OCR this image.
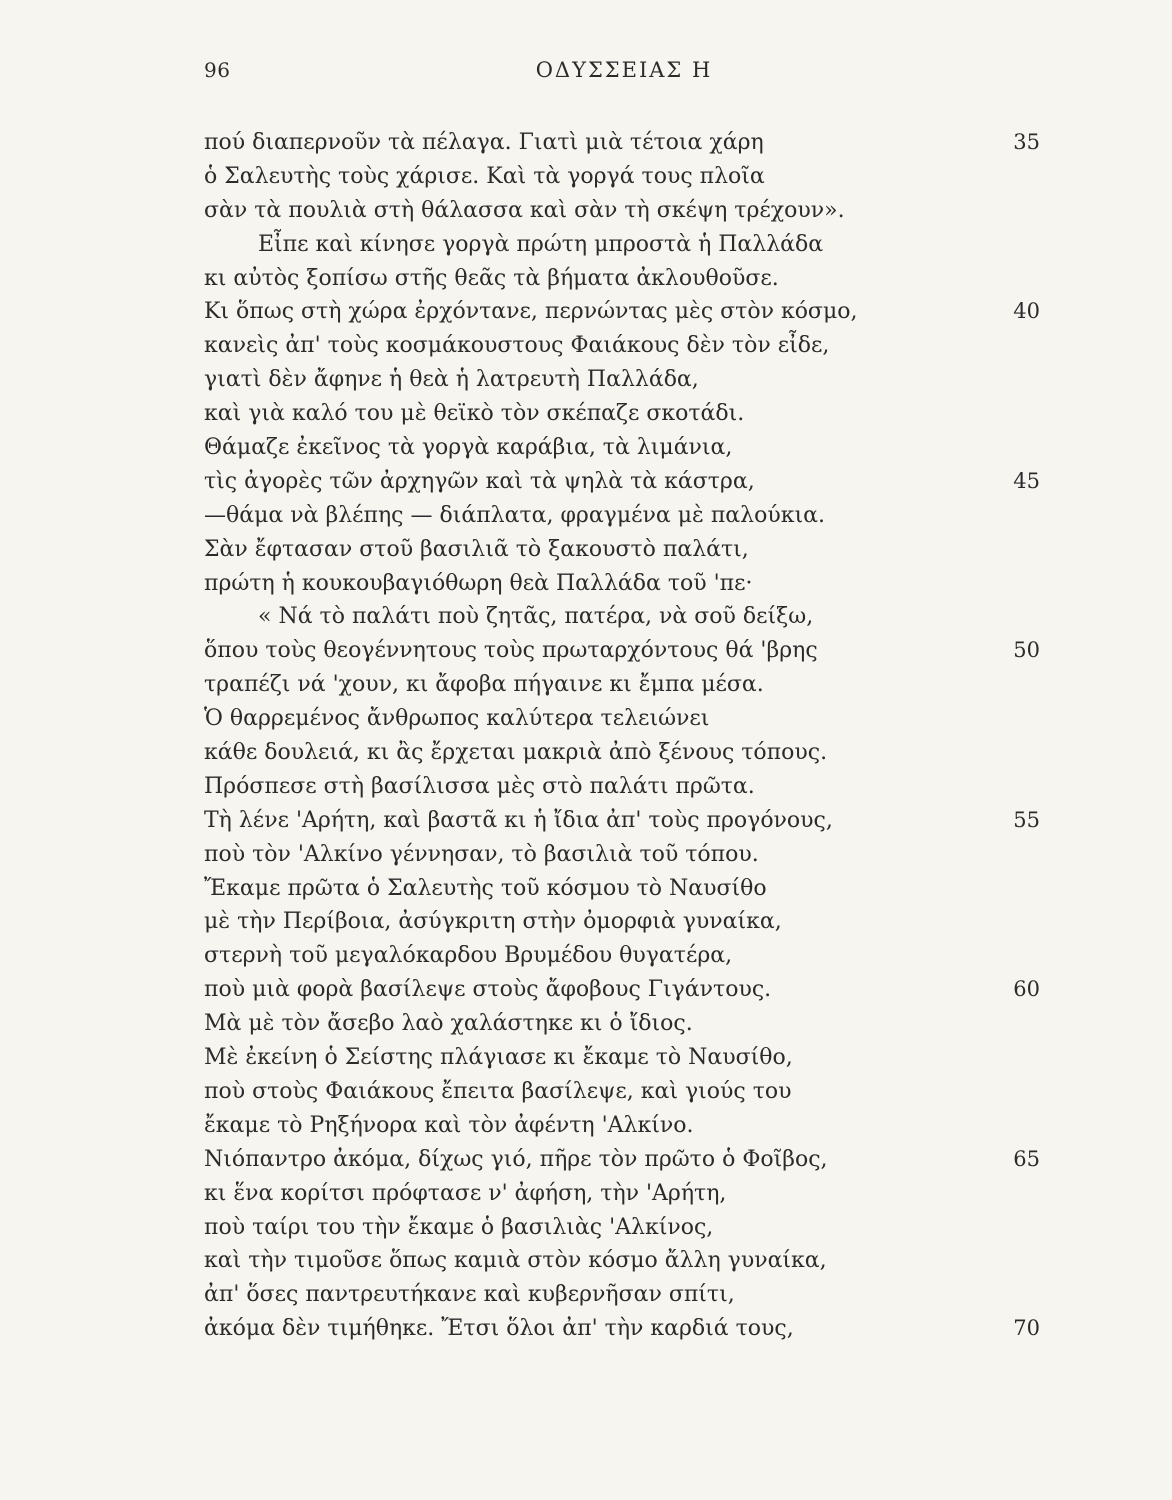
96	ΟΔΥΣΣΕΙΑΣ Η
πού διαπερνοῦν τὰ πέλαγα. Γιατὶ μιὰ τέτοια χάρη	35
ὁ Σαλευτὴς τοὺς χάρισε. Καὶ τὰ γοργά τους πλοῖα
σὰν τὰ πουλιὰ στὴ θάλασσα καὶ σὰν τὴ σκέψη τρέχουν».
Εἶπε καὶ κίνησε γοργὰ πρώτη μπροστὰ ἡ Παλλάδα
κι αὐτὸς ξοπίσω στῆς θεᾶς τὰ βήματα ἀκλουθοῦσε.
Κι ὅπως στὴ χώρα ἐρχόντανε, περνώντας μὲς στὸν κόσμο,	40
κανεὶς ἀπ' τοὺς κοσμάκουστους Φαιάκους δὲν τὸν εἶδε,
γιατὶ δὲν ἄφηνε ἡ θεὰ ἡ λατρευτὴ Παλλάδα,
καὶ γιὰ καλό του μὲ θεϊκὸ τὸν σκέπαζε σκοτάδι.
Θάμαζε ἐκεῖνος τὰ γοργὰ καράβια, τὰ λιμάνια,
τὶς ἀγορὲς τῶν ἀρχηγῶν καὶ τὰ ψηλὰ τὰ κάστρα,	45
—θάμα νὰ βλέπης — διάπλατα, φραγμένα μὲ παλούκια.
Σὰν ἔφτασαν στοῦ βασιλιᾶ τὸ ξακουστὸ παλάτι,
πρώτη ἡ κουκουβαγιόθωρη θεὰ Παλλάδα τοῦ 'πε·
« Νά τὸ παλάτι ποὺ ζητᾶς, πατέρα, νὰ σοῦ δείξω,
ὅπου τοὺς θεογέννητους τοὺς πρωταρχόντους θά 'βρης	50
τραπέζι νά 'χουν, κι ἄφοβα πήγαινε κι ἔμπα μέσα.
Ὁ θαρρεμένος ἄνθρωπος καλύτερα τελειώνει
κάθε δουλειά, κι ἂς ἔρχεται μακριὰ ἀπὸ ξένους τόπους.
Πρόσπεσε στὴ βασίλισσα μὲς στὸ παλάτι πρῶτα.
Τὴ λένε 'Αρήτη, καὶ βαστᾶ κι ἡ ἴδια ἀπ' τοὺς προγόνους,	55
ποὺ τὸν 'Αλκίνο γέννησαν, τὸ βασιλιὰ τοῦ τόπου.
Ἔκαμε πρῶτα ὁ Σαλευτὴς τοῦ κόσμου τὸ Ναυσίθο
μὲ τὴν Περίβοια, ἀσύγκριτη στὴν ὀμορφιὰ γυναίκα,
στερνὴ τοῦ μεγαλόκαρδου Βρυμέδου θυγατέρα,
ποὺ μιὰ φορὰ βασίλεψε στοὺς ἄφοβους Γιγάντους.	60
Μὰ μὲ τὸν ἄσεβο λαὸ χαλάστηκε κι ὁ ἴδιος.
Μὲ ἐκείνη ὁ Σείστης πλάγιασε κι ἔκαμε τὸ Ναυσίθο,
ποὺ στοὺς Φαιάκους ἔπειτα βασίλεψε, καὶ γιούς του
ἔκαμε τὸ Ρηξήνορα καὶ τὸν ἀφέντη 'Αλκίνο.
Νιόπαντρο ἀκόμα, δίχως γιό, πῆρε τὸν πρῶτο ὁ Φοῖβος,	65
κι ἕνα κορίτσι πρόφτασε ν' ἀφήση, τὴν 'Αρήτη,
ποὺ ταίρι του τὴν ἔκαμε ὁ βασιλιὰς 'Αλκίνος,
καὶ τὴν τιμοῦσε ὅπως καμιὰ στὸν κόσμο ἄλλη γυναίκα,
ἀπ' ὅσες παντρευτήκανε καὶ κυβερνῆσαν σπίτι,
ἀκόμα δὲν τιμήθηκε. Ἔτσι ὅλοι ἀπ' τὴν καρδιά τους,	70
